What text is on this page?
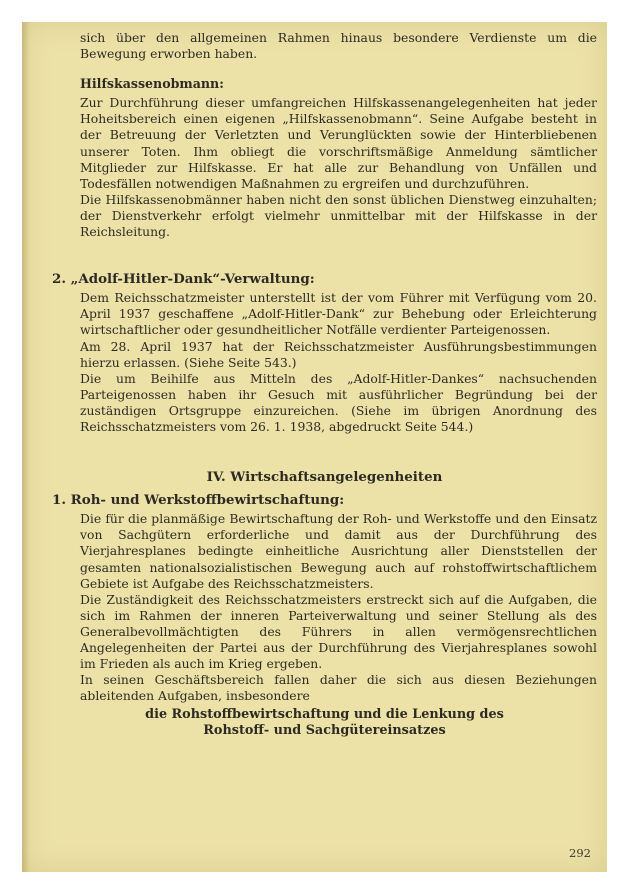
sich über den allgemeinen Rahmen hinaus besondere Verdienste um die Bewegung erworben haben.

Hilfskassenobmann:

Zur Durchführung dieser umfangreichen Hilfskassenangelegenheiten hat jeder Hoheitsbereich einen eigenen „Hilfskassenobmann“. Seine Aufgabe besteht in der Betreuung der Verletzten und Verunglückten sowie der Hinterbliebenen unserer Toten. Ihm obliegt die vorschriftsmäßige Anmeldung sämtlicher Mitglieder zur Hilfskasse. Er hat alle zur Behandlung von Unfällen und Todesfällen notwendigen Maßnahmen zu ergreifen und durchzuführen.

Die Hilfskassenobmänner haben nicht den sonst üblichen Dienstweg einzuhalten; der Dienstverkehr erfolgt vielmehr unmittelbar mit der Hilfskasse in der Reichsleitung.

2. „Adolf-Hitler-Dank“-Verwaltung:

Dem Reichsschatzmeister unterstellt ist der vom Führer mit Verfügung vom 20. April 1937 geschaffene „Adolf-Hitler-Dank“ zur Behebung oder Erleichterung wirtschaftlicher oder gesundheitlicher Notfälle verdienter Parteigenossen.

Am 28. April 1937 hat der Reichsschatzmeister Ausführungsbestimmungen hierzu erlassen. (Siehe Seite 543.)

Die um Beihilfe aus Mitteln des „Adolf-Hitler-Dankes“ nachsuchenden Parteigenossen haben ihr Gesuch mit ausführlicher Begründung bei der zuständigen Ortsgruppe einzureichen. (Siehe im übrigen Anordnung des Reichsschatzmeisters vom 26. 1. 1938, abgedruckt Seite 544.)

IV. Wirtschaftsangelegenheiten
1. Roh- und Werkstoffbewirtschaftung:

Die für die planmäßige Bewirtschaftung der Roh- und Werkstoffe und den Einsatz von Sachgütern erforderliche und damit aus der Durchführung des Vierjahresplanes bedingte einheitliche Ausrichtung aller Dienststellen der gesamten nationalsozialistischen Bewegung auch auf rohstoffwirtschaftlichem Gebiete ist Aufgabe des Reichsschatzmeisters.

Die Zuständigkeit des Reichsschatzmeisters erstreckt sich auf die Aufgaben, die sich im Rahmen der inneren Parteiverwaltung und seiner Stellung als des Generalbevollmächtigten des Führers in allen vermögensrechtlichen Angelegenheiten der Partei aus der Durchführung des Vierjahresplanes sowohl im Frieden als auch im Krieg ergeben.

In seinen Geschäftsbereich fallen daher die sich aus diesen Beziehungen ableitenden Aufgaben, insbesondere

die Rohstoffbewirtschaftung und die Lenkung des
Rohstoff- und Sachgütereinsatzes
292
